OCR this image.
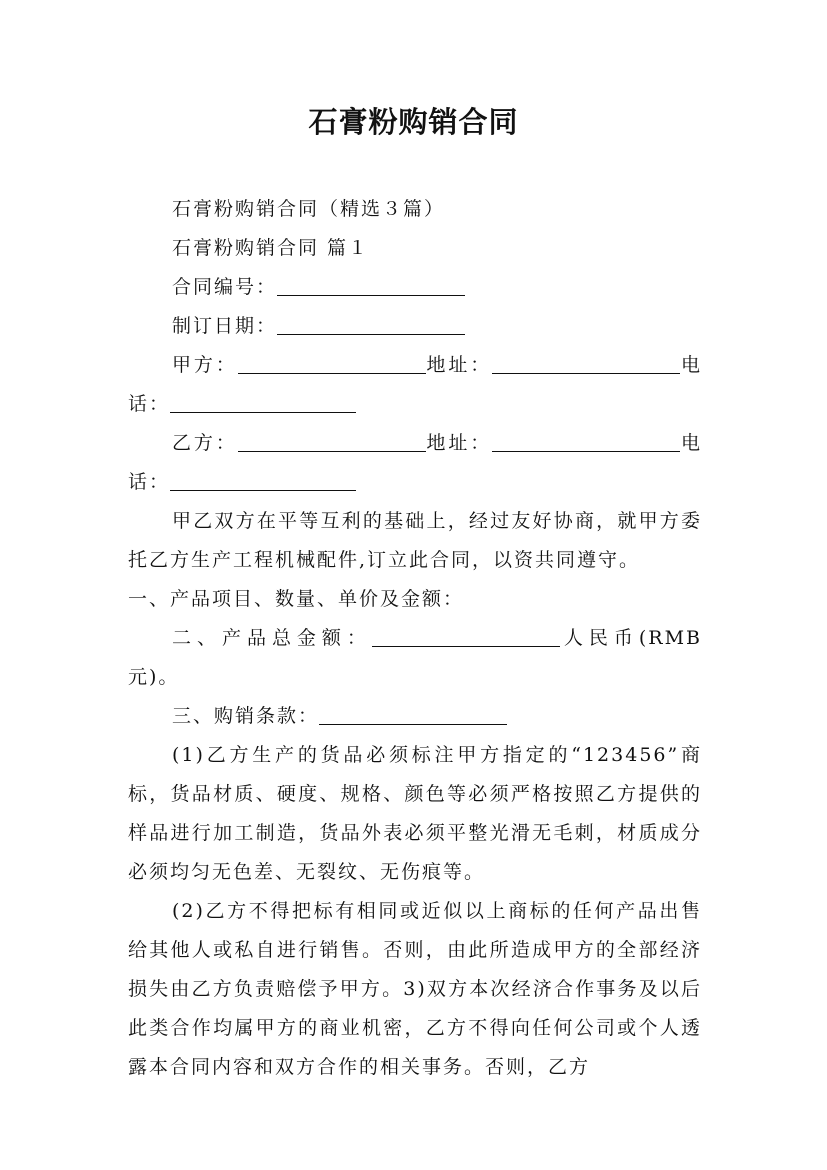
石膏粉购销合同

石膏粉购销合同（精选３篇）

石膏粉购销合同 篇１

合同编号：

制订日期：

甲方：	地址：	电话：

乙方：	地址：	电话：

甲乙双方在平等互利的基础上，经过友好协商，就甲方委托乙方生产工程机械配件,订立此合同，以资共同遵守。

一、产品项目、数量、单价及金额：

二、产品总金额：	人民币(RMB元)。

三、购销条款：

(1)乙方生产的货品必须标注甲方指定的“123456”商标，货品材质、硬度、规格、颜色等必须严格按照乙方提供的样品进行加工制造，货品外表必须平整光滑无毛刺，材质成分必须均匀无色差、无裂纹、无伤痕等。

(2)乙方不得把标有相同或近似以上商标的任何产品出售给其他人或私自进行销售。否则，由此所造成甲方的全部经济损失由乙方负责赔偿予甲方。3)双方本次经济合作事务及以后此类合作均属甲方的商业机密，乙方不得向任何公司或个人透露本合同内容和双方合作的相关事务。否则，乙方
